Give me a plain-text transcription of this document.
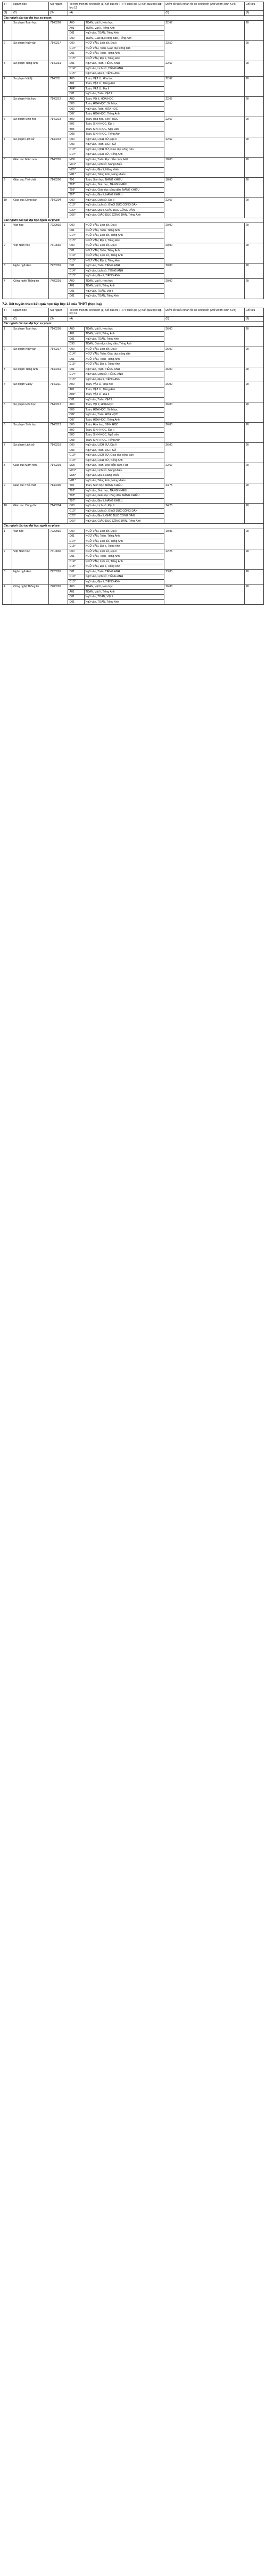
TT	Ngành học	Mã ngành	Tổ hợp môn thi xét tuyển (1) Kết quả thi THPT quốc gia (2) Kết quả học tập lớp 12		Điểm tối thiểu nhận hồ sơ xét tuyển (Đối với thí sinh KV3)	Chỉ tiêu
(1)	(2)	(3)	(4)		(5)	(6)
Các ngành đào tạo đại học sư phạm:						
1	Sư phạm Toán học	7140209	A00	TOÁN, Vật lí, Hóa học	22.67	20
			A01	TOÁN, Vật lí, Tiếng Anh		
			D01	Ngữ văn, TOÁN, Tiếng Anh		
			D90	TOÁN, Giáo dục công dân, Tiếng Anh		
2	Sư phạm Ngữ văn	7140217	C00	NGỮ VĂN, Lịch sử, Địa lí	23.50	20
			C14*	NGỮ VĂN, Toán, Giáo dục công dân		
			D01	NGỮ VĂN, Toán, Tiếng Anh		
			D15*	NGỮ VĂN, Địa lí, Tiếng Anh		
3	Sư phạm Tiếng Anh	7140231	D01	Ngữ văn, Toán, TIẾNG ANH	22.67	20
			D14*	Ngữ văn, Lịch sử, TIẾNG ANH		
			D15*	Ngữ văn, Địa lí, TIẾNG ANH		
4	Sư phạm Vật lý	7140211	A00	Toán, VẬT LÍ, Hóa học	22.67	20
			A01	Toán, VẬT LÍ, Tiếng Anh		
			A04*	Toán, VẬT LÍ, Địa lí		
			C01	Ngữ văn, Toán, VẬT LÍ		
5	Sư phạm Hóa học	7140212	A00	Toán, Vật lí, HÓA HỌC	22.67	20
			B00	Toán, HÓA HỌC, Sinh học		
			C02	Ngữ văn, Toán, HÓA HỌC		
			D07	Toán, HÓA HỌC, Tiếng Anh		
6	Sư phạm Sinh học	7140213	B00	Toán, Hóa học, SINH HỌC	22.67	20
			B02	Toán, SINH HỌC, Địa lí		
			B03	Toán, SINH HỌC, Ngữ văn		
			D08	Toán, SINH HỌC, Tiếng Anh		
7	Sư phạm Lịch sử	7140218	C00	Ngữ văn, LỊCH SỬ, Địa lí	22.67	20
			C03	Ngữ văn, Toán, LỊCH SỬ		
			C19*	Ngữ văn, LỊCH SỬ, Giáo dục công dân		
			D14*	Ngữ văn, LỊCH SỬ, Tiếng Anh		
8	Giáo dục Mầm non	7140201	M00	Ngữ văn, Toán, Đọc diễn cảm, Hát	18.00	20
			M01*	Ngữ văn, Lịch sử, Năng khiếu		
			M05*	Ngữ văn, Địa lí, Năng khiếu		
			M11*	Ngữ văn, Tiếng Anh, Năng khiếu		
9	Giáo dục Thể chất	7140206	T00	Toán, Sinh học, NĂNG KHIẾU	18.00	20
			T02*	Ngữ văn, Sinh học, NĂNG KHIẾU		
			T05*	Ngữ văn, Giáo dục công dân, NĂNG KHIẾU		
			T07*	Ngữ văn, Địa lí, NĂNG KHIẾU		
10	Giáo dục Công dân	7140204	C00	Ngữ văn, Lịch sử, Địa lí	22.67	20
			C19*	Ngữ văn, Lịch sử, GIÁO DỤC CÔNG DÂN		
			C20*	Ngữ văn, Địa lí, GIÁO DỤC CÔNG DÂN		
			D66*	Ngữ văn, GIÁO DỤC CÔNG DÂN, Tiếng Anh		
Các ngành đào tạo đại học ngoài sư phạm:						
1	Văn học	7229030	C00	NGỮ VĂN, Lịch sử, Địa lí	20.00	20
			D01	NGỮ VĂN, Toán, Tiếng Anh		
			D14*	NGỮ VĂN, Lịch sử, Tiếng Anh		
			D15*	NGỮ VĂN, Địa lí, Tiếng Anh		
2	Việt Nam học	7310630	C00	NGỮ VĂN, Lịch sử, Địa lí	20.00	20
			D01	NGỮ VĂN, Toán, Tiếng Anh		
			D14*	NGỮ VĂN, Lịch sử, Tiếng Anh		
			D15*	NGỮ VĂN, Địa lí, Tiếng Anh		
3	Ngôn ngữ Anh	7220201	D01	Ngữ văn, Toán, TIẾNG ANH	20.00	20
			D14*	Ngữ văn, Lịch sử, TIẾNG ANH		
			D15*	Ngữ văn, Địa lí, TIẾNG ANH		
4	Công nghệ Thông tin	7480201	A00	TOÁN, Vật lí, Hóa học	20.00	20
			A01	TOÁN, Vật lí, Tiếng Anh		
			C01	Ngữ văn, TOÁN, Vật lí		
			D01	Ngữ văn, TOÁN, Tiếng Anh		
7.2. Xét tuyển theo kết quả học tập lớp 12 của THPT (học bạ)
TT	Ngành học	Mã ngành	Tổ hợp môn thi xét tuyển (1) Kết quả thi THPT quốc gia (2) Kết quả học tập lớp 12		Điểm tối thiểu nhận hồ sơ xét tuyển (Đối với thí sinh KV3)	Chỉ tiêu
(1)	(2)	(3)	(4)		(5)	(6)
Các ngành đào tạo đại học sư phạm:						
1	Sư phạm Toán học	7140209	A00	TOÁN, Vật lí, Hóa học	26.00	20
			A01	TOÁN, Vật lí, Tiếng Anh		
			D01	Ngữ văn, TOÁN, Tiếng Anh		
			D90	TOÁN, Giáo dục công dân, Tiếng Anh		
2	Sư phạm Ngữ văn	7140217	C00	NGỮ VĂN, Lịch sử, Địa lí	26.00	20
			C14*	NGỮ VĂN, Toán, Giáo dục công dân		
			D01	NGỮ VĂN, Toán, Tiếng Anh		
			D15*	NGỮ VĂN, Địa lí, Tiếng Anh		
3	Sư phạm Tiếng Anh	7140231	D01	Ngữ văn, Toán, TIẾNG ANH	26.00	20
			D14*	Ngữ văn, Lịch sử, TIẾNG ANH		
			D15*	Ngữ văn, Địa lí, TIẾNG ANH		
4	Sư phạm Vật lý	7140211	A00	Toán, VẬT LÍ, Hóa học	26.00	20
			A01	Toán, VẬT LÍ, Tiếng Anh		
			A04*	Toán, VẬT LÍ, Địa lí		
			C01	Ngữ văn, Toán, VẬT LÍ		
5	Sư phạm Hóa học	7140212	A00	Toán, Vật lí, HÓA HỌC	26.00	20
			B00	Toán, HÓA HỌC, Sinh học		
			C02	Ngữ văn, Toán, HÓA HỌC		
			D07	Toán, HÓA HỌC, Tiếng Anh		
6	Sư phạm Sinh học	7140213	B00	Toán, Hóa học, SINH HỌC	26.00	20
			B02	Toán, SINH HỌC, Địa lí		
			B03	Toán, SINH HỌC, Ngữ văn		
			D08	Toán, SINH HỌC, Tiếng Anh		
7	Sư phạm Lịch sử	7140218	C00	Ngữ văn, LỊCH SỬ, Địa lí	26.00	20
			C03	Ngữ văn, Toán, LỊCH SỬ		
			C19*	Ngữ văn, LỊCH SỬ, Giáo dục công dân		
			D14*	Ngữ văn, LỊCH SỬ, Tiếng Anh		
8	Giáo dục Mầm non	7140201	M00	Ngữ văn, Toán, Đọc diễn cảm, Hát	22.67	20
			M01*	Ngữ văn, Lịch sử, Năng khiếu		
			M05*	Ngữ văn, Địa lí, Năng khiếu		
			M11*	Ngữ văn, Tiếng Anh, Năng khiếu		
9	Giáo dục Thể chất	7140206	T00	Toán, Sinh học, NĂNG KHIẾU	24.75	20
			T02*	Ngữ văn, Sinh học, NĂNG KHIẾU		
			T05*	Ngữ văn, Giáo dục công dân, NĂNG KHIẾU		
			T07*	Ngữ văn, Địa lí, NĂNG KHIẾU		
10	Giáo dục Công dân	7140204	C00	Ngữ văn, Lịch sử, Địa lí	24.25	20
			C19*	Ngữ văn, Lịch sử, GIÁO DỤC CÔNG DÂN		
			C20*	Ngữ văn, Địa lí, GIÁO DỤC CÔNG DÂN		
			D66*	Ngữ văn, GIÁO DỤC CÔNG DÂN, Tiếng Anh		
Các ngành đào tạo đại học ngoài sư phạm:						
1	Văn học	7229030	C00	NGỮ VĂN, Lịch sử, Địa lí	19.86	20
			D01	NGỮ VĂN, Toán, Tiếng Anh		
			D14*	NGỮ VĂN, Lịch sử, Tiếng Anh		
			D15*	NGỮ VĂN, Địa lí, Tiếng Anh		
2	Việt Nam học	7310630	C00	NGỮ VĂN, Lịch sử, Địa lí	22.25	20
			D01	NGỮ VĂN, Toán, Tiếng Anh		
			D14*	NGỮ VĂN, Lịch sử, Tiếng Anh		
			D15*	NGỮ VĂN, Địa lí, Tiếng Anh		
3	Ngôn ngữ Anh	7220201	D01	Ngữ văn, Toán, TIẾNG ANH	23.83	20
			D14*	Ngữ văn, Lịch sử, TIẾNG ANH		
			D15*	Ngữ văn, Địa lí, TIẾNG ANH		
4	Công nghệ Thông tin	7480201	A00	TOÁN, Vật lí, Hóa học	26.88	20
			A01	TOÁN, Vật lí, Tiếng Anh		
			C01	Ngữ văn, TOÁN, Vật lí		
			D01	Ngữ văn, TOÁN, Tiếng Anh		
